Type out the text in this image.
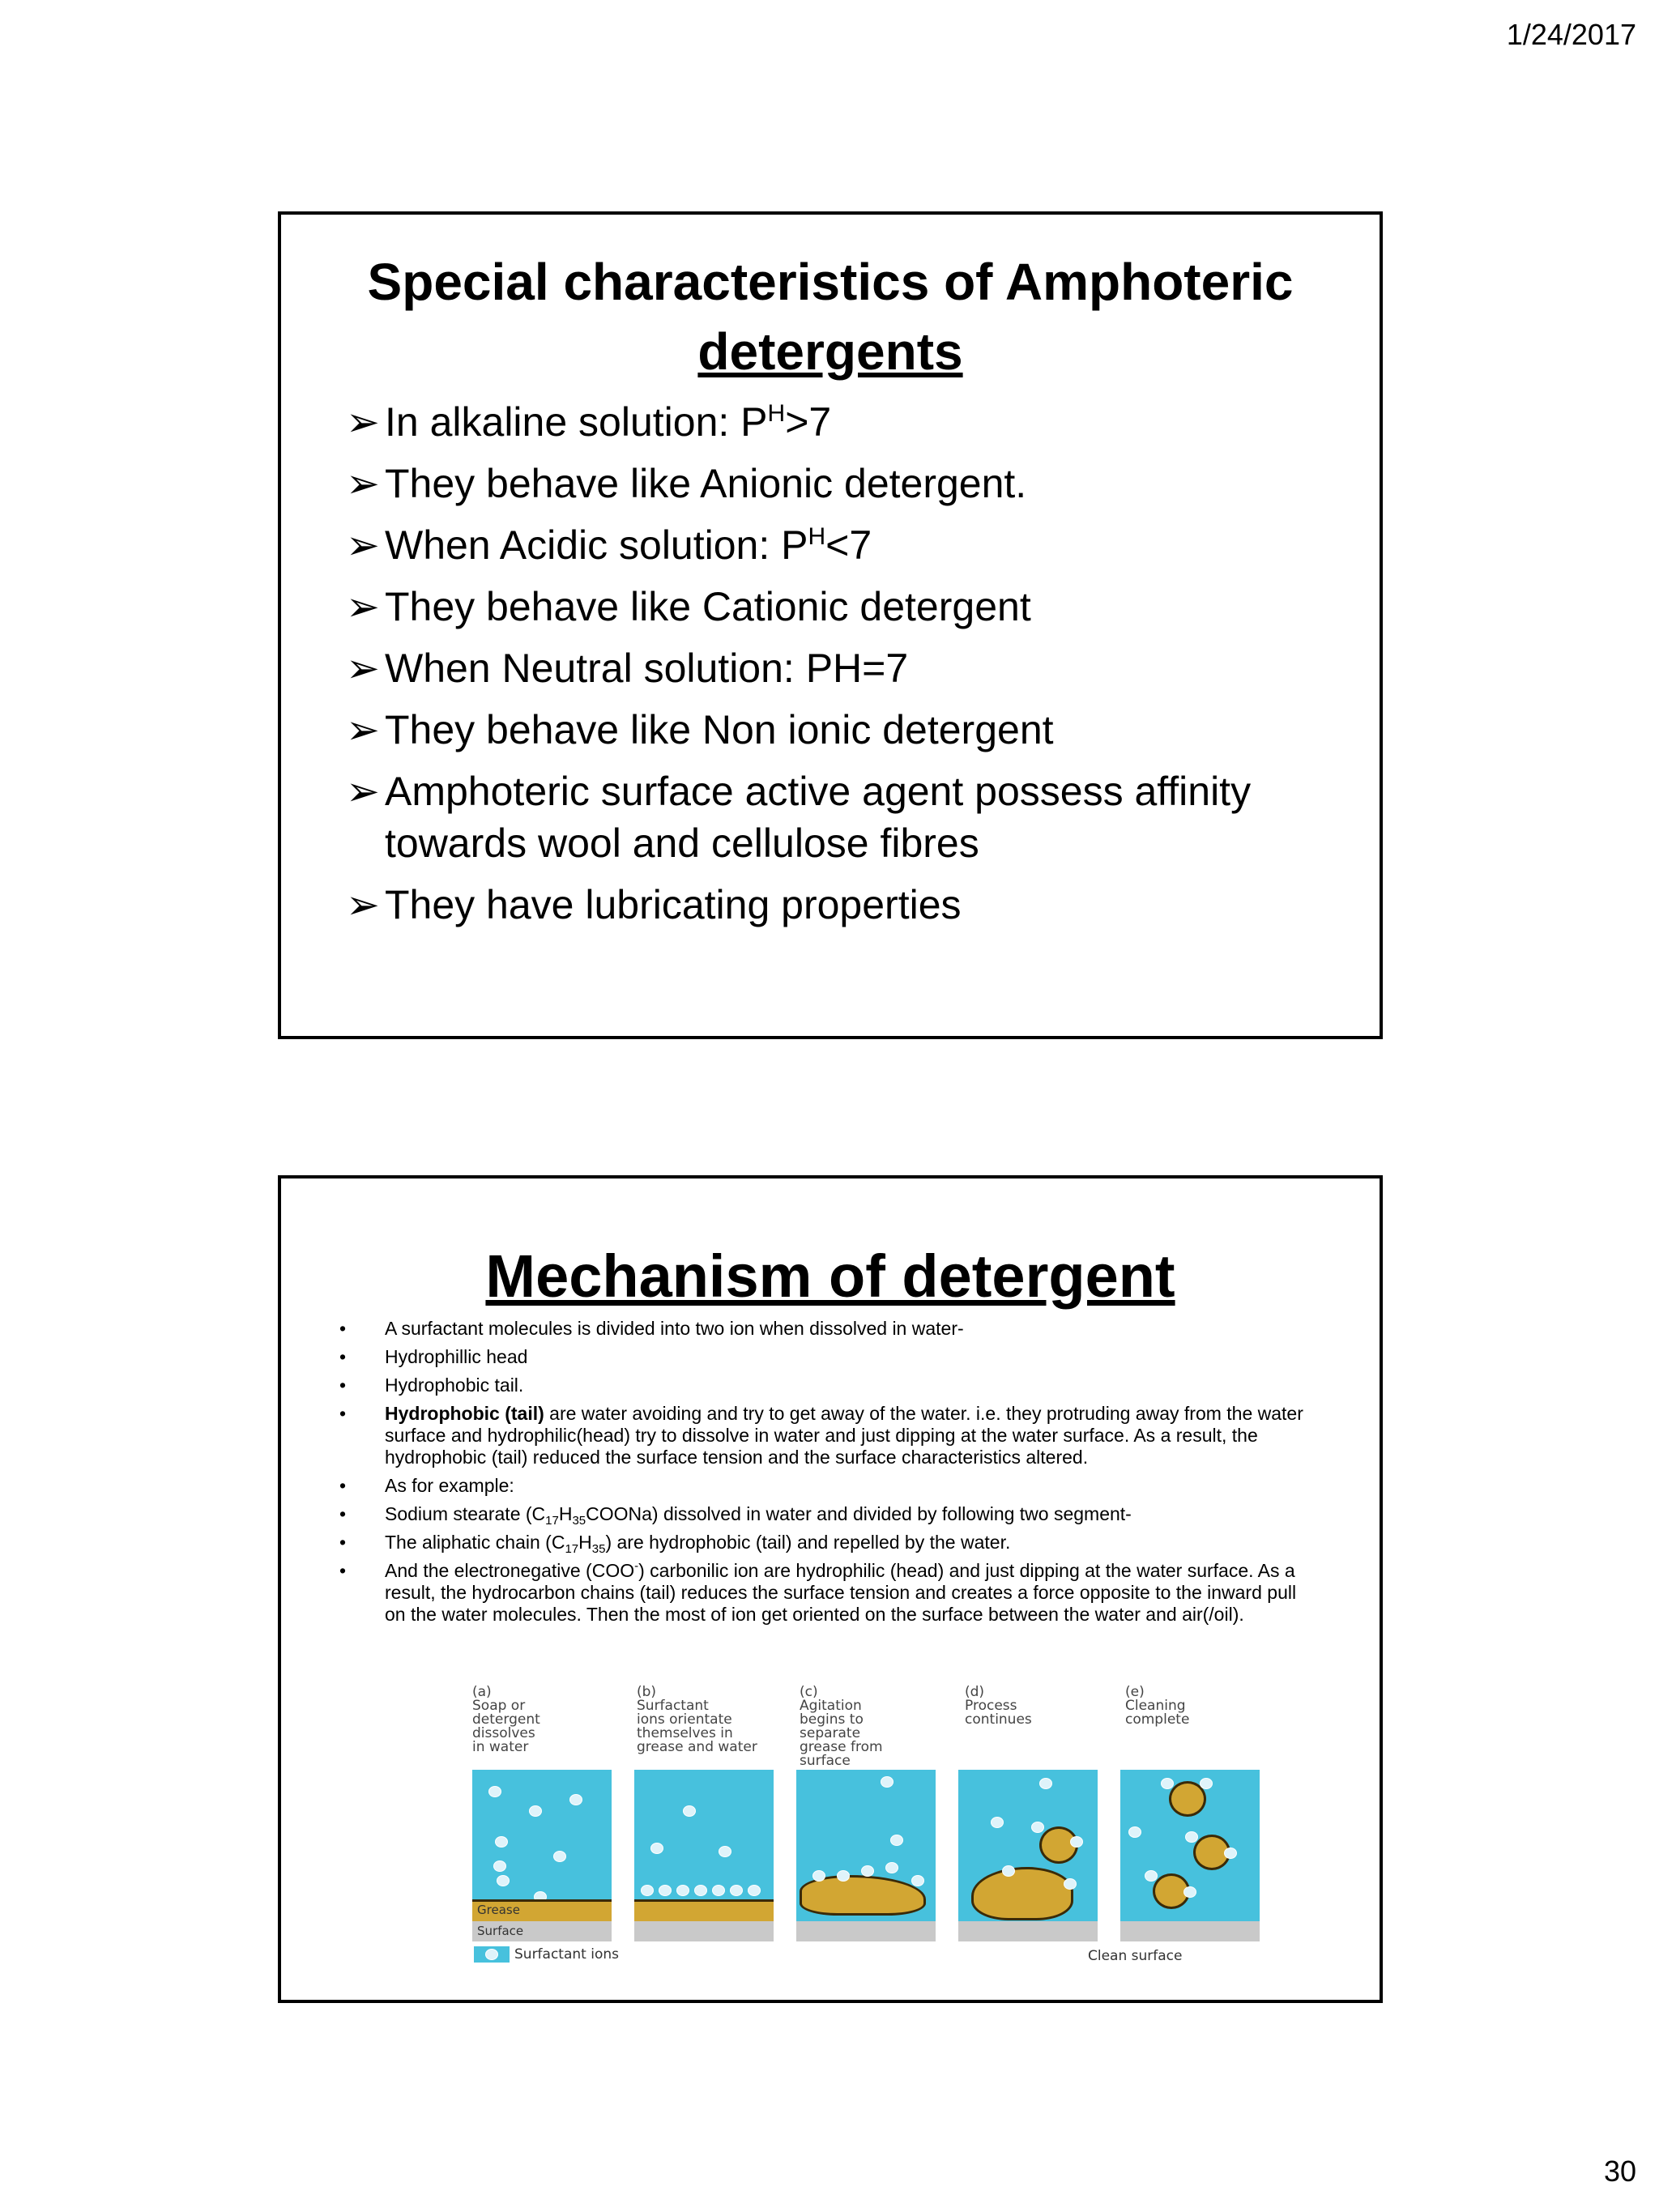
1/24/2017
Special characteristics of Amphoteric
detergents
➢ In alkaline solution: $P^H>7$
➢ They behave like Anionic detergent.
➢ When Acidic solution: $P^H<7$
➢ They behave like Cationic detergent
➢ When Neutral solution: PH=7
➢ They behave like Non ionic detergent
➢ Amphoteric surface active agent possess affinity towards wool and cellulose fibres
➢ They have lubricating properties
Mechanism of detergent
• A surfactant molecules is divided into two ion when dissolved in water-
• Hydrophillic head
• Hydrophobic tail.
• Hydrophobic (tail) are water avoiding and try to get away of the water. i.e. they protruding away from the water surface and hydrophilic(head) try to dissolve in water and just dipping at the water surface. As a result, the hydrophobic (tail) reduced the surface tension and the surface characteristics altered.
• As for example:
• Sodium stearate $(C_{17}H_{35}COONa)$ dissolved in water and divided by following two segment-
• The aliphatic chain $(C_{17}H_{35})$ are hydrophobic (tail) and repelled by the water.
• And the electronegative (COO-) carbonilic ion are hydrophilic (head) and just dipping at the water surface. As a result, the hydrocarbon chains (tail) reduces the surface tension and creates a force opposite to the inward pull on the water molecules. Then the most of ion get oriented on the surface between the water and air(/oil).
(a)
Soap or
detergent
dissolves
in water
(b)
Surfactant
ions orientate
themselves in
grease and water
(c)
Agitation
begins to
separate
grease from
surface
(d)
Process
continues
(e)
Cleaning
complete
Grease
Surface
Surfactant ions	Clean surface
30
